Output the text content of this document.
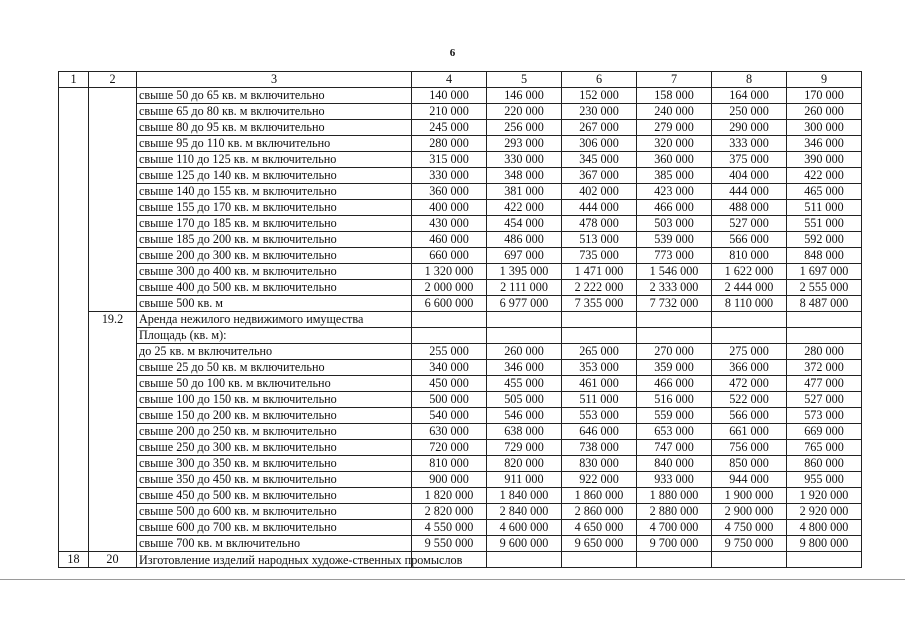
6
1	2	3	4	5	6	7	8	9
		свыше 50 до 65 кв. м включительно	140 000	146 000	152 000	158 000	164 000	170 000
		свыше 65 до 80 кв. м включительно	210 000	220 000	230 000	240 000	250 000	260 000
		свыше 80 до 95 кв. м включительно	245 000	256 000	267 000	279 000	290 000	300 000
		свыше 95 до 110 кв. м включительно	280 000	293 000	306 000	320 000	333 000	346 000
		свыше 110 до 125 кв. м включительно	315 000	330 000	345 000	360 000	375 000	390 000
		свыше 125 до 140 кв. м включительно	330 000	348 000	367 000	385 000	404 000	422 000
		свыше 140 до 155 кв. м включительно	360 000	381 000	402 000	423 000	444 000	465 000
		свыше 155 до 170 кв. м включительно	400 000	422 000	444 000	466 000	488 000	511 000
		свыше 170 до 185 кв. м включительно	430 000	454 000	478 000	503 000	527 000	551 000
		свыше 185 до 200 кв. м включительно	460 000	486 000	513 000	539 000	566 000	592 000
		свыше 200 до 300 кв. м включительно	660 000	697 000	735 000	773 000	810 000	848 000
		свыше 300 до 400 кв. м включительно	1 320 000	1 395 000	1 471 000	1 546 000	1 622 000	1 697 000
		свыше 400 до 500 кв. м включительно	2 000 000	2 111 000	2 222 000	2 333 000	2 444 000	2 555 000
		свыше 500 кв. м	6 600 000	6 977 000	7 355 000	7 732 000	8 110 000	8 487 000
	19.2	Аренда нежилого недвижимого имущества						
		Площадь (кв. м):						
		до 25 кв. м включительно	255 000	260 000	265 000	270 000	275 000	280 000
		свыше 25 до 50 кв. м включительно	340 000	346 000	353 000	359 000	366 000	372 000
		свыше 50 до 100 кв. м включительно	450 000	455 000	461 000	466 000	472 000	477 000
		свыше 100 до 150 кв. м включительно	500 000	505 000	511 000	516 000	522 000	527 000
		свыше 150 до 200 кв. м включительно	540 000	546 000	553 000	559 000	566 000	573 000
		свыше 200 до 250 кв. м включительно	630 000	638 000	646 000	653 000	661 000	669 000
		свыше 250 до 300 кв. м включительно	720 000	729 000	738 000	747 000	756 000	765 000
		свыше 300 до 350 кв. м включительно	810 000	820 000	830 000	840 000	850 000	860 000
		свыше 350 до 450 кв. м включительно	900 000	911 000	922 000	933 000	944 000	955 000
		свыше 450 до 500 кв. м включительно	1 820 000	1 840 000	1 860 000	1 880 000	1 900 000	1 920 000
		свыше 500 до 600 кв. м включительно	2 820 000	2 840 000	2 860 000	2 880 000	2 900 000	2 920 000
		свыше 600 до 700 кв. м включительно	4 550 000	4 600 000	4 650 000	4 700 000	4 750 000	4 800 000
		свыше 700 кв. м включительно	9 550 000	9 600 000	9 650 000	9 700 000	9 750 000	9 800 000
18	20	Изготовление изделий народных художе-ственных промыслов						
